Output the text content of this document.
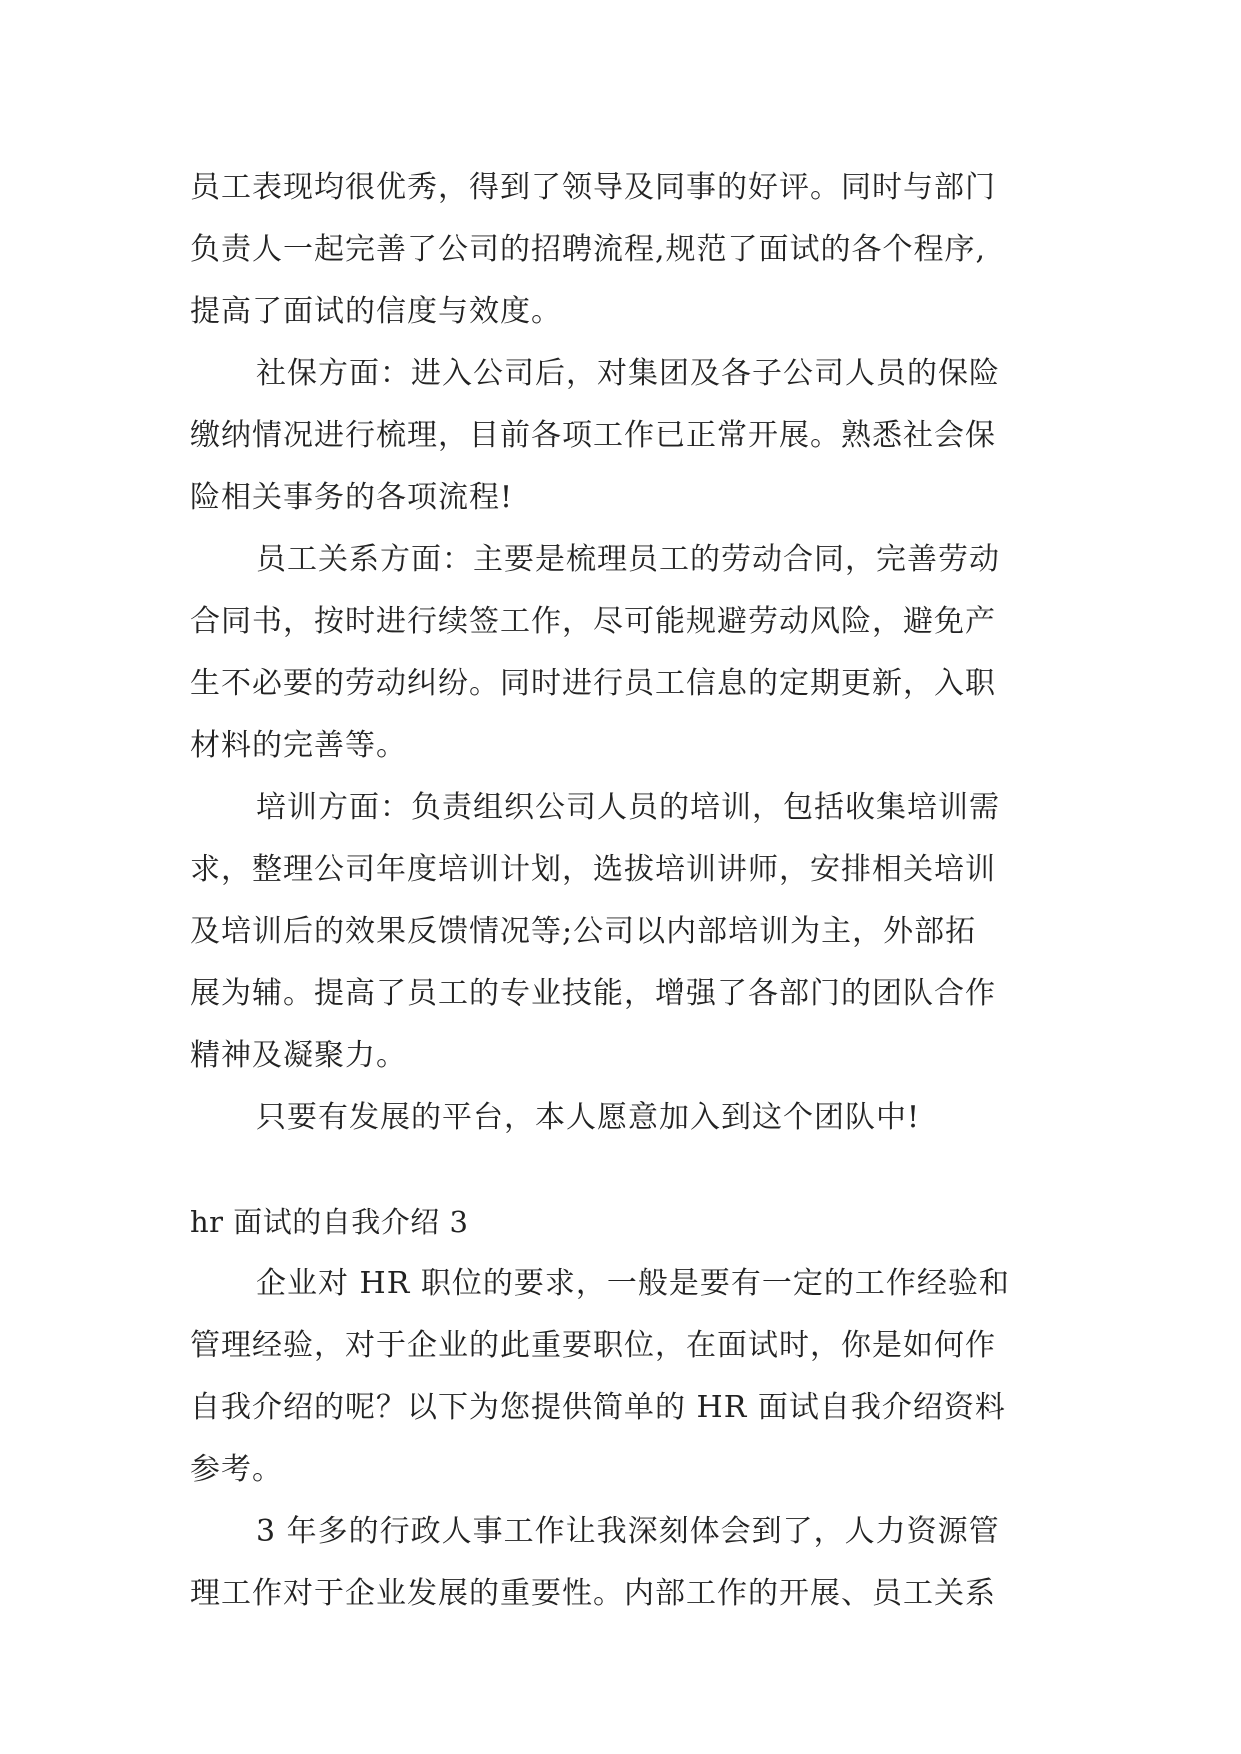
员工表现均很优秀，得到了领导及同事的好评。同时与部门
负责人一起完善了公司的招聘流程,规范了面试的各个程序,
提高了面试的信度与效度。
社保方面：进入公司后，对集团及各子公司人员的保险
缴纳情况进行梳理，目前各项工作已正常开展。熟悉社会保
险相关事务的各项流程!
员工关系方面：主要是梳理员工的劳动合同，完善劳动
合同书，按时进行续签工作，尽可能规避劳动风险，避免产
生不必要的劳动纠纷。同时进行员工信息的定期更新，入职
材料的完善等。
培训方面：负责组织公司人员的培训，包括收集培训需
求，整理公司年度培训计划，选拔培训讲师，安排相关培训
及培训后的效果反馈情况等;公司以内部培训为主，外部拓
展为辅。提高了员工的专业技能，增强了各部门的团队合作
精神及凝聚力。
只要有发展的平台，本人愿意加入到这个团队中!
hr 面试的自我介绍 3
企业对 HR 职位的要求，一般是要有一定的工作经验和
管理经验，对于企业的此重要职位，在面试时，你是如何作
自我介绍的呢？以下为您提供简单的 HR 面试自我介绍资料
参考。
3 年多的行政人事工作让我深刻体会到了，人力资源管
理工作对于企业发展的重要性。内部工作的开展、员工关系
